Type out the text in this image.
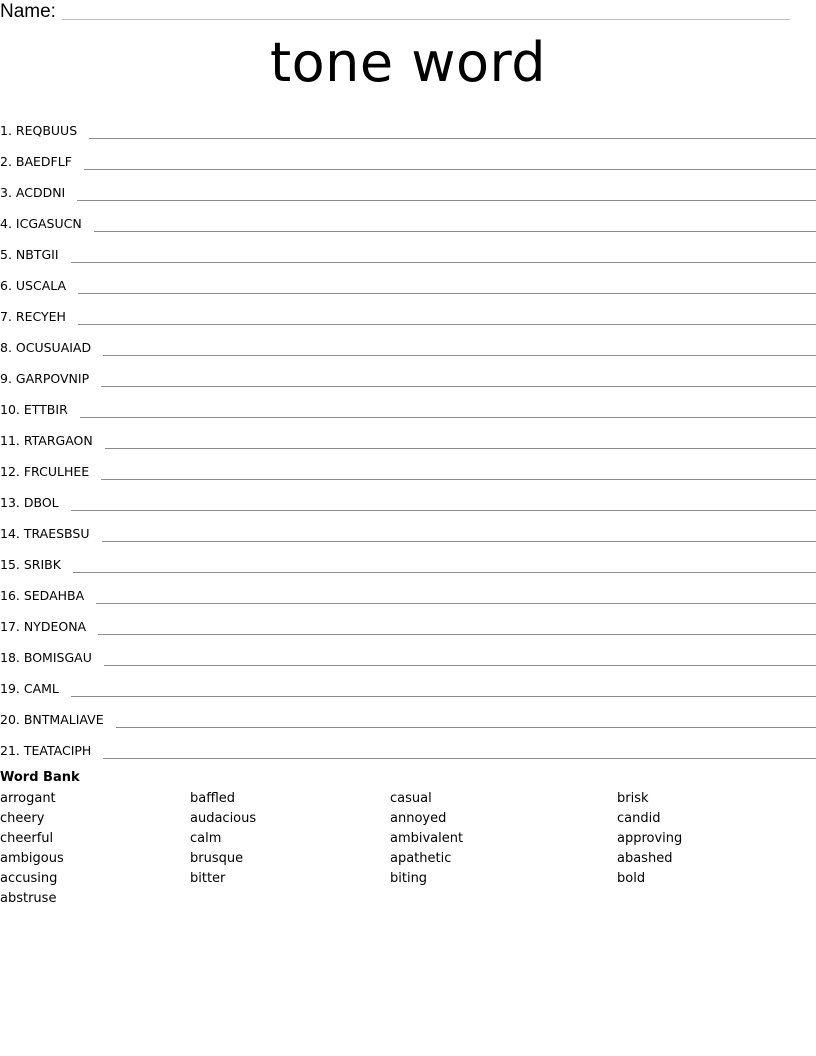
Name:
tone word
1. REQBUUS
2. BAEDFLF
3. ACDDNI
4. ICGASUCN
5. NBTGII
6. USCALA
7. RECYEH
8. OCUSUAIAD
9. GARPOVNIP
10. ETTBIR
11. RTARGAON
12. FRCULHEE
13. DBOL
14. TRAESBSU
15. SRIBK
16. SEDAHBA
17. NYDEONA
18. BOMISGAU
19. CAML
20. BNTMALIAVE
21. TEATACIPH
Word Bank
arrogant	baffled	casual	brisk
cheery	audacious	annoyed	candid
cheerful	calm	ambivalent	approving
ambigous	brusque	apathetic	abashed
accusing	bitter	biting	bold
abstruse
